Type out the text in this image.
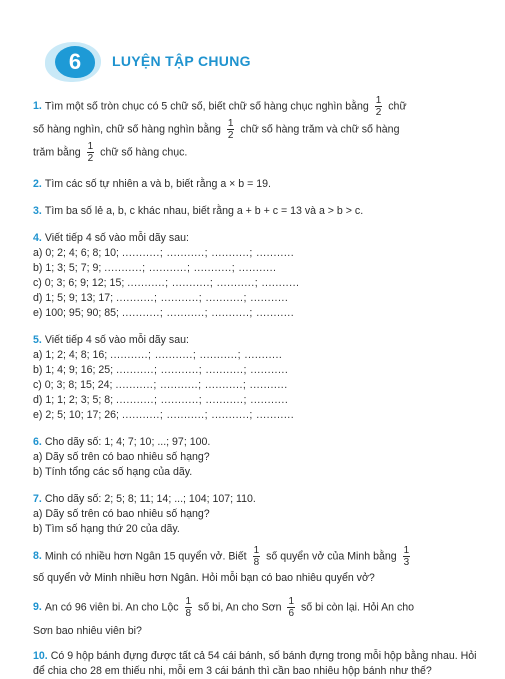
6	LUYỆN TẬP CHUNG

1. Tìm một số tròn chục có 5 chữ số, biết chữ số hàng chục nghìn bằng $\frac{1}{2}$ chữ

số hàng nghìn, chữ số hàng nghìn bằng $\frac{1}{2}$ chữ số hàng trăm và chữ số hàng

trăm bằng $\frac{1}{2}$ chữ số hàng chục.

2. Tìm các số tự nhiên a và b, biết rằng a × b = 19.

3. Tìm ba số lẻ a, b, c khác nhau, biết rằng a + b + c = 13 và a > b > c.

4. Viết tiếp 4 số vào mỗi dãy sau:

a) 0; 2; 4; 6; 8; 10; ...........; ...........; ...........; ...........

b) 1; 3; 5; 7; 9; ...........; ...........; ...........; ...........

c) 0; 3; 6; 9; 12; 15; ...........; ...........; ...........; ...........

d) 1; 5; 9; 13; 17; ...........; ...........; ...........; ...........

e) 100; 95; 90; 85; ...........; ...........; ...........; ...........

5. Viết tiếp 4 số vào mỗi dãy sau:

a) 1; 2; 4; 8; 16; ...........; ...........; ...........; ...........

b) 1; 4; 9; 16; 25; ...........; ...........; ...........; ...........

c) 0; 3; 8; 15; 24; ...........; ...........; ...........; ...........

d) 1; 1; 2; 3; 5; 8; ...........; ...........; ...........; ...........

e) 2; 5; 10; 17; 26; ...........; ...........; ...........; ...........

6. Cho dãy số: 1; 4; 7; 10; ...; 97; 100.

a) Dãy số trên có bao nhiêu số hạng?

b) Tính tổng các số hạng của dãy.

7. Cho dãy số: 2; 5; 8; 11; 14; ...; 104; 107; 110.

a) Dãy số trên có bao nhiêu số hạng?

b) Tìm số hạng thứ 20 của dãy.

8. Minh có nhiều hơn Ngân 15 quyển vở. Biết $\frac{1}{8}$ số quyển vở của Minh bằng $\frac{1}{3}$

số quyển vở Minh nhiều hơn Ngân. Hỏi mỗi bạn có bao nhiêu quyển vở?

9. An có 96 viên bi. An cho Lộc $\frac{1}{8}$ số bi, An cho Sơn $\frac{1}{6}$ số bi còn lại. Hỏi An cho

Sơn bao nhiêu viên bi?

10. Có 9 hộp bánh đựng được tất cả 54 cái bánh, số bánh đựng trong mỗi hộp bằng nhau. Hỏi để chia cho 28 em thiếu nhi, mỗi em 3 cái bánh thì cần bao nhiêu hộp bánh như thế?
